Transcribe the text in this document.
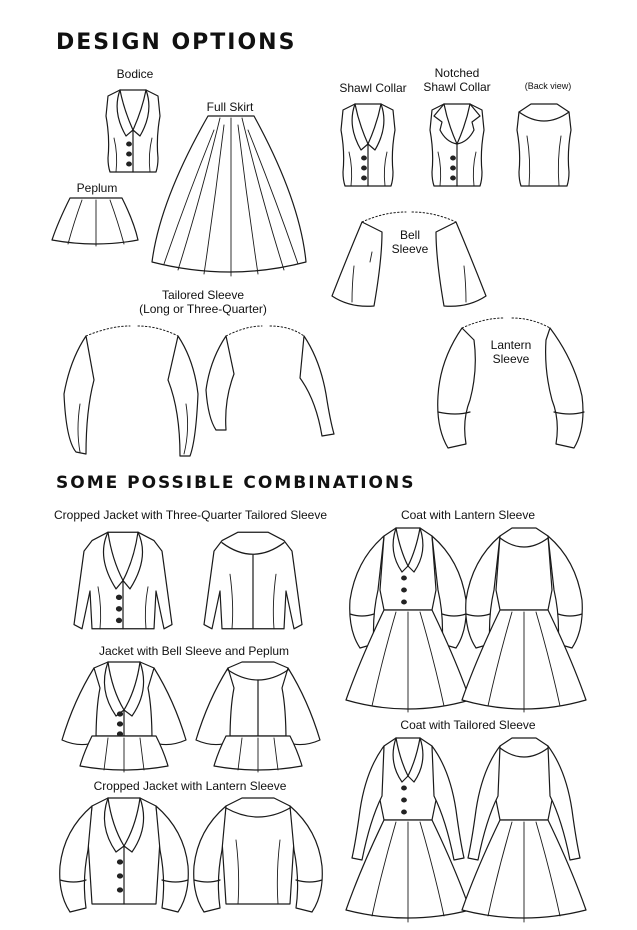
DESIGN OPTIONS
SOME POSSIBLE COMBINATIONS
Bodice
Full Skirt
Peplum
Shawl Collar
Notched
Shawl Collar	(Back view)
Bell
Sleeve
Tailored Sleeve
(Long or Three-Quarter)
Lantern
Sleeve
Cropped Jacket with Three-Quarter Tailored Sleeve
Jacket with Bell Sleeve and Peplum
Cropped Jacket with Lantern Sleeve
Coat with Lantern Sleeve
Coat with Tailored Sleeve
